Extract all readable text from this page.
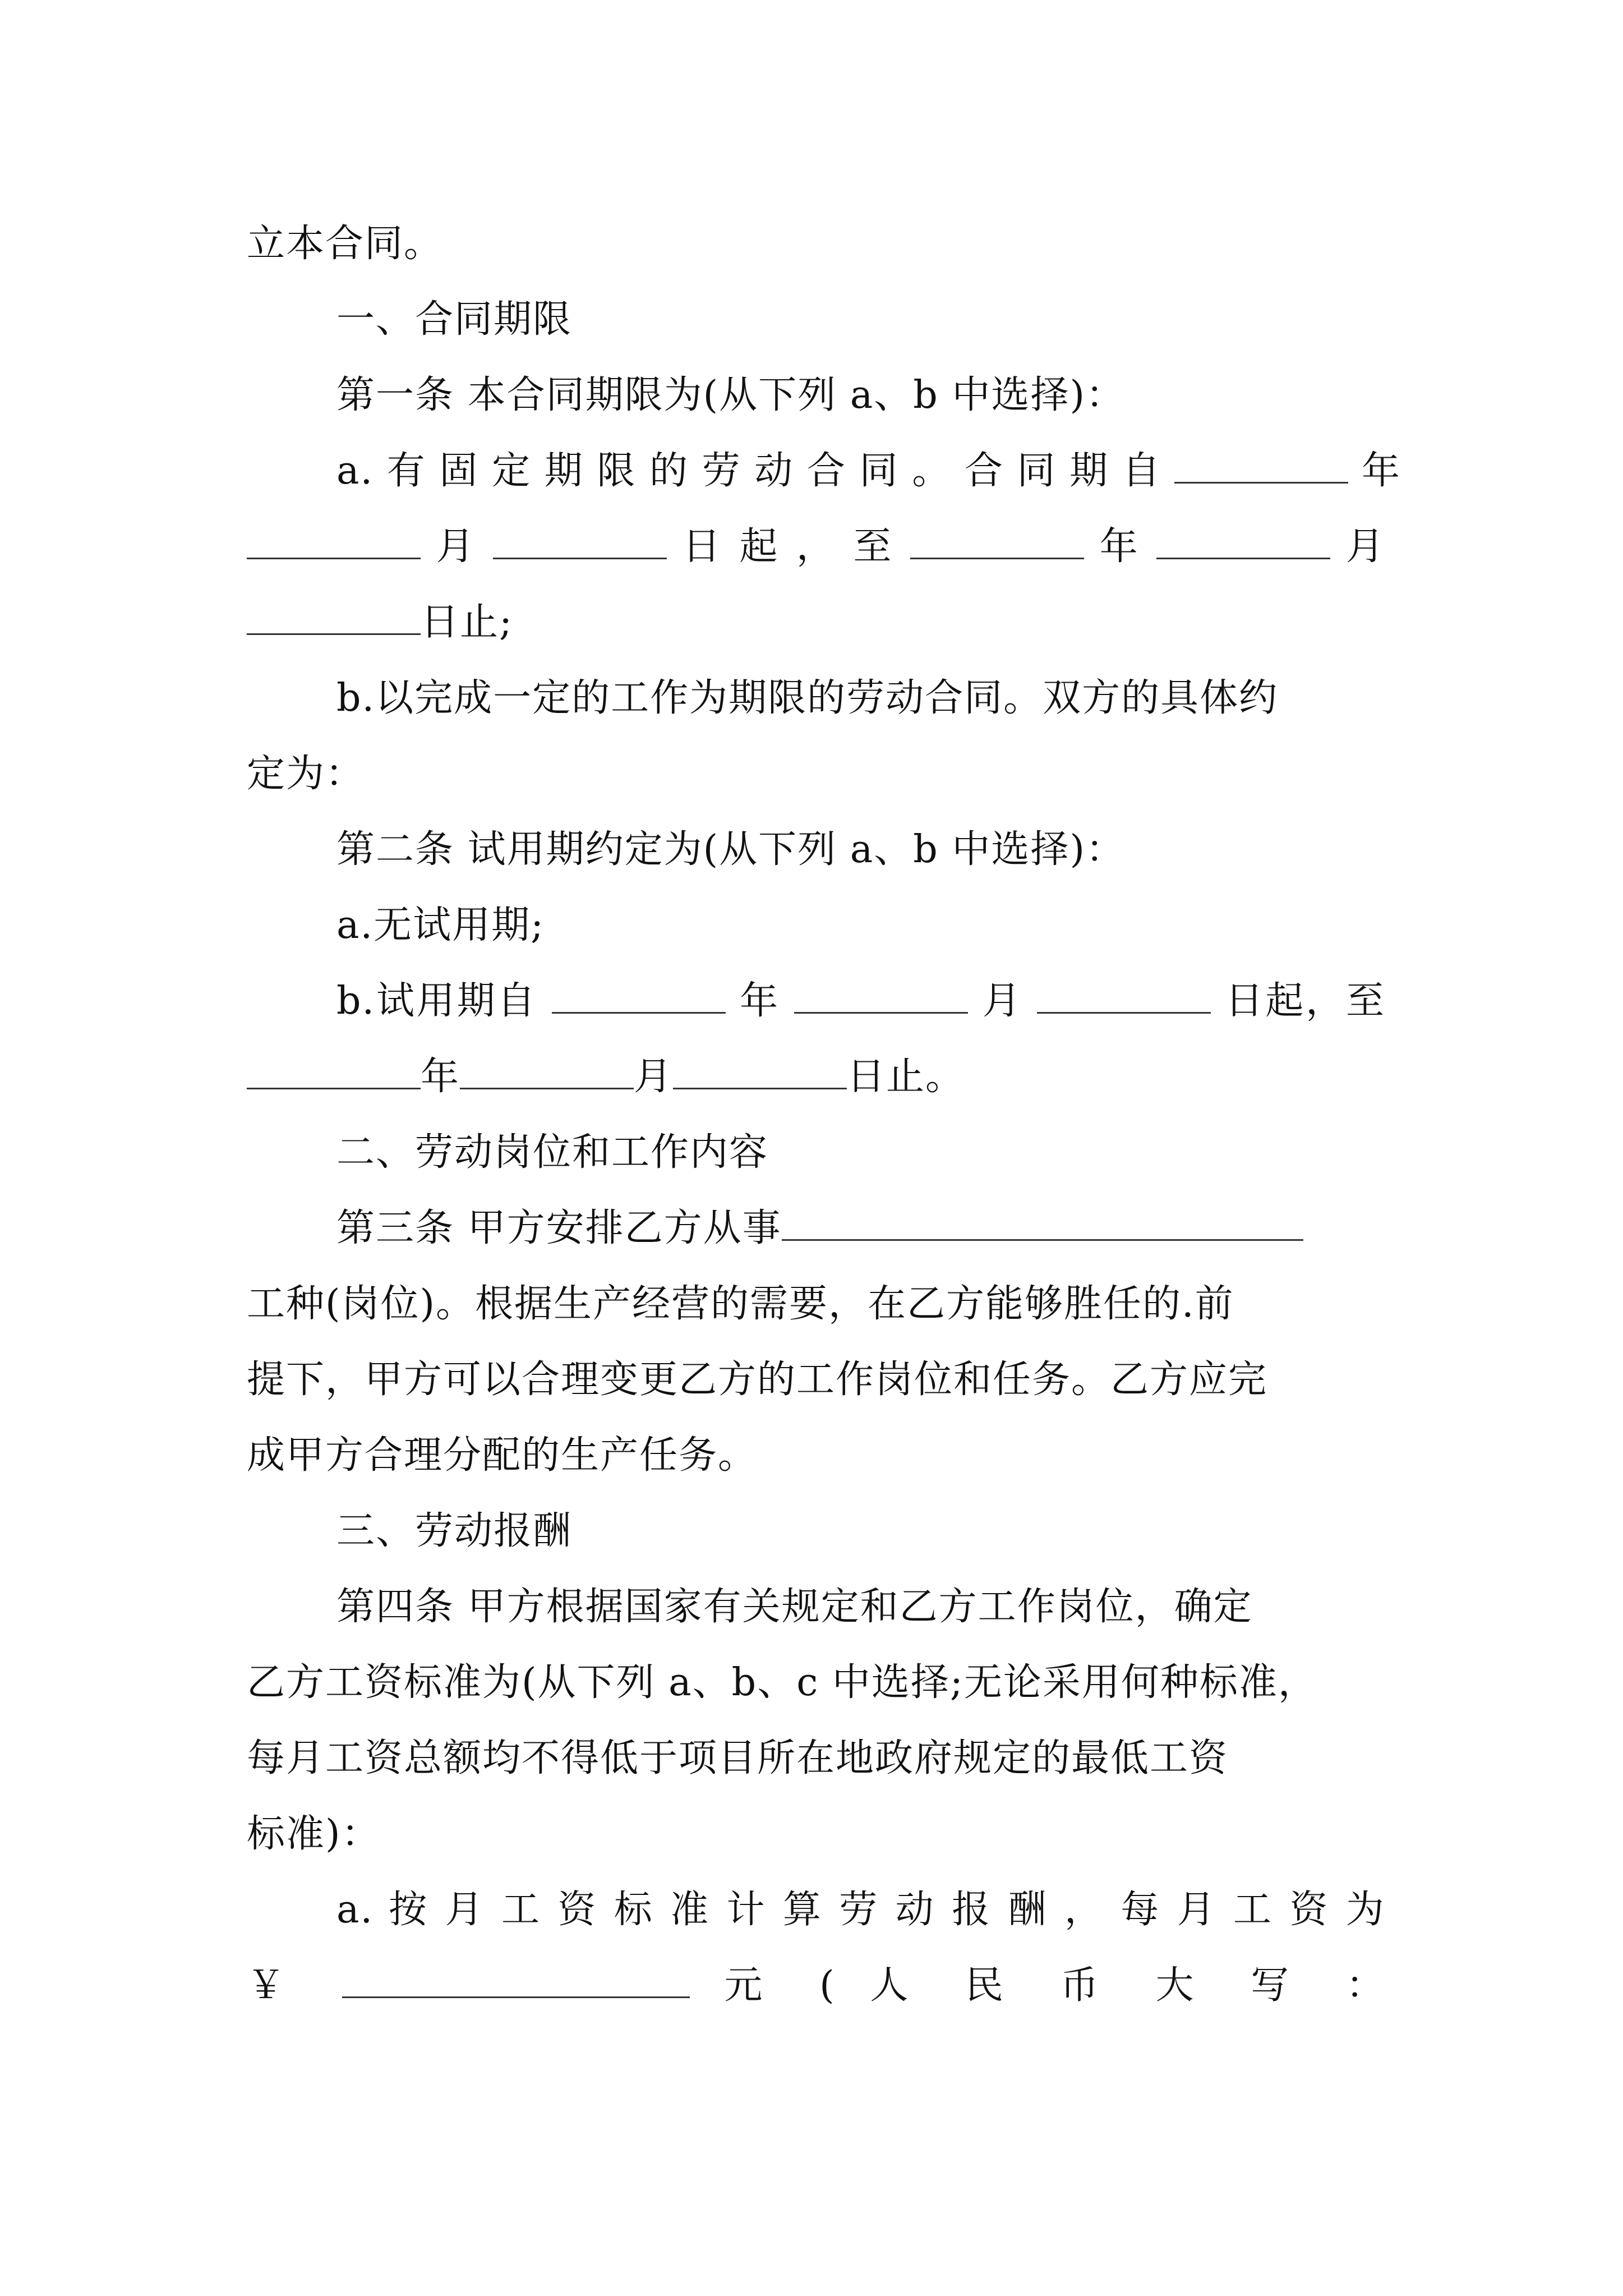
立本合同。
一、合同期限
第一条 本合同期限为(从下列 a、b 中选择)：
a. 有 固 定 期 限 的 劳 动 合 同 。 合 同 期 自	年
月	日 起 ， 至	年	月
日止;
b.以完成一定的工作为期限的劳动合同。双方的具体约
定为：
第二条 试用期约定为(从下列 a、b 中选择)：
a.无试用期;
b.试用期自	年	月	日起，至
年	月	日止。
二、劳动岗位和工作内容
第三条 甲方安排乙方从事
工种(岗位)。根据生产经营的需要，在乙方能够胜任的.前
提下，甲方可以合理变更乙方的工作岗位和任务。乙方应完
成甲方合理分配的生产任务。
三、劳动报酬
第四条 甲方根据国家有关规定和乙方工作岗位，确定
乙方工资标准为(从下列 a、b、c 中选择;无论采用何种标准，
每月工资总额均不得低于项目所在地政府规定的最低工资
标准)：
a. 按 月 工 资 标 准 计 算 劳 动 报 酬 ， 每 月 工 资 为
￥	元 ( 人 民 币 大 写 ：
